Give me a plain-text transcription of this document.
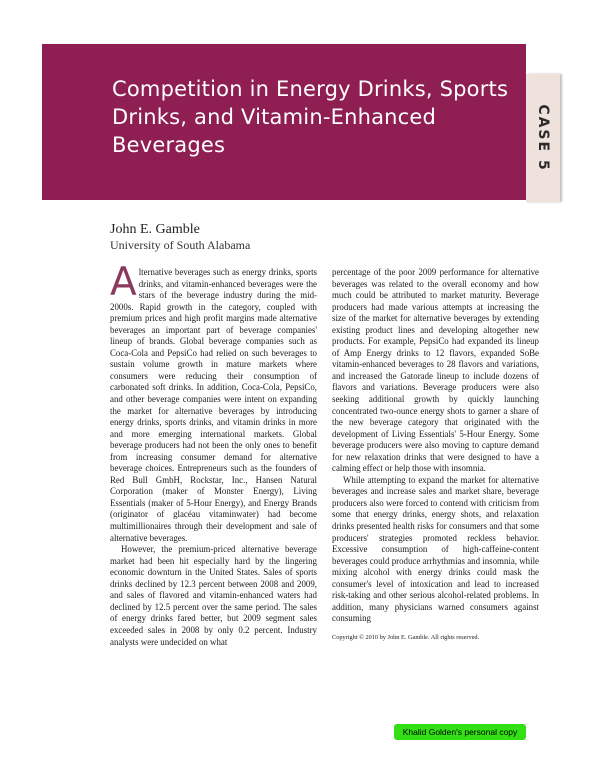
Competition in Energy Drinks, Sports Drinks, and Vitamin-Enhanced Beverages	CASE 5
John E. Gamble
University of South Alabama

Alternative beverages such as energy drinks, sports drinks, and vitamin-enhanced beverages were the stars of the beverage industry during the mid-2000s. Rapid growth in the category, coupled with premium prices and high profit margins made alternative beverages an important part of beverage companies' lineup of brands. Global beverage companies such as Coca-Cola and PepsiCo had relied on such beverages to sustain volume growth in mature markets where consumers were reducing their consumption of carbonated soft drinks. In addition, Coca-Cola, PepsiCo, and other beverage companies were intent on expanding the market for alternative beverages by introducing energy drinks, sports drinks, and vitamin drinks in more and more emerging international markets. Global beverage producers had not been the only ones to benefit from increasing consumer demand for alternative beverage choices. Entrepreneurs such as the founders of Red Bull GmbH, Rockstar, Inc., Hansen Natural Corporation (maker of Monster Energy), Living Essentials (maker of 5-Hour Energy), and Energy Brands (originator of glacéau vitaminwater) had become multimillionaires through their development and sale of alternative beverages.

However, the premium-priced alternative beverage market had been hit especially hard by the lingering economic downturn in the United States. Sales of sports drinks declined by 12.3 percent between 2008 and 2009, and sales of flavored and vitamin-enhanced waters had declined by 12.5 percent over the same period. The sales of energy drinks fared better, but 2009 segment sales exceeded sales in 2008 by only 0.2 percent. Industry analysts were undecided on what

percentage of the poor 2009 performance for alternative beverages was related to the overall economy and how much could be attributed to market maturity. Beverage producers had made various attempts at increasing the size of the market for alternative beverages by extending existing product lines and developing altogether new products. For example, PepsiCo had expanded its lineup of Amp Energy drinks to 12 flavors, expanded SoBe vitamin-enhanced beverages to 28 flavors and variations, and increased the Gatorade lineup to include dozens of flavors and variations. Beverage producers were also seeking additional growth by quickly launching concentrated two-ounce energy shots to garner a share of the new beverage category that originated with the development of Living Essentials' 5-Hour Energy. Some beverage producers were also moving to capture demand for new relaxation drinks that were designed to have a calming effect or help those with insomnia.

While attempting to expand the market for alternative beverages and increase sales and market share, beverage producers also were forced to contend with criticism from some that energy drinks, energy shots, and relaxation drinks presented health risks for consumers and that some producers' strategies promoted reckless behavior. Excessive consumption of high-caffeine-content beverages could produce arrhythmias and insomnia, while mixing alcohol with energy drinks could mask the consumer's level of intoxication and lead to increased risk-taking and other serious alcohol-related problems. In addition, many physicians warned consumers against consuming

Copyright © 2010 by John E. Gamble. All rights reserved.

Khalid Golden's personal copy
